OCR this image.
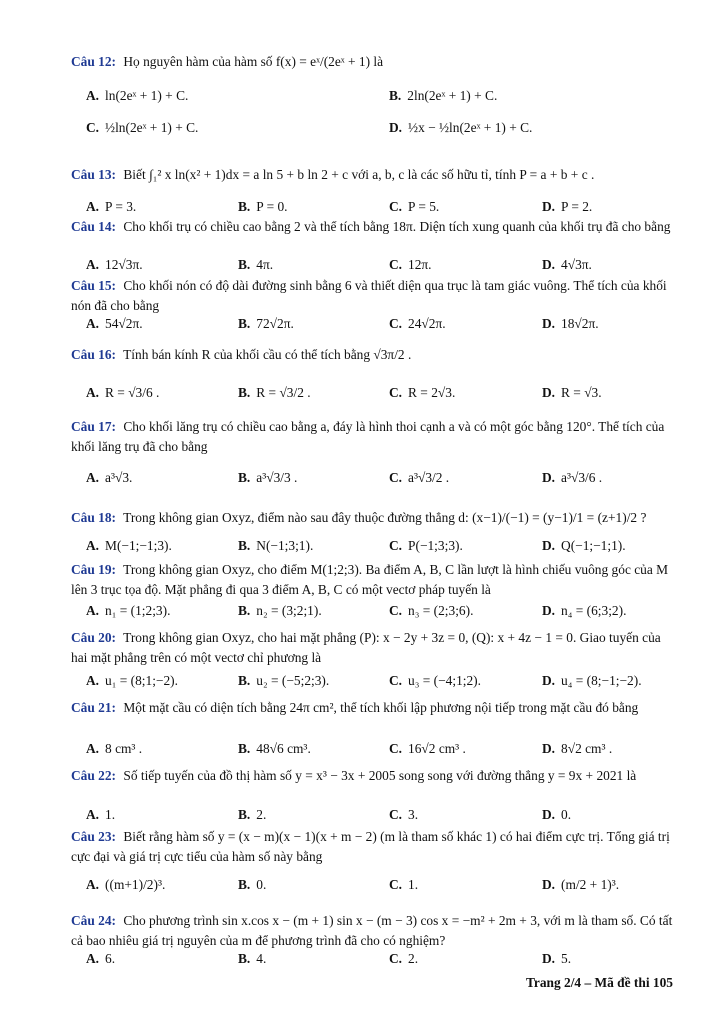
Câu 12: Họ nguyên hàm của hàm số f(x) = eˣ/(2eˣ + 1) là
A. ln(2eˣ + 1) + C.	B. 2ln(2eˣ + 1) + C.
C. ½ln(2eˣ + 1) + C.	D. ½x − ½ln(2eˣ + 1) + C.
Câu 13: Biết ∫₁² x ln(x² + 1)dx = a ln 5 + b ln 2 + c với a, b, c là các số hữu tỉ, tính P = a + b + c .
A. P = 3.	B. P = 0.	C. P = 5.	D. P = 2.
Câu 14: Cho khối trụ có chiều cao bằng 2 và thể tích bằng 18π. Diện tích xung quanh của khối trụ đã cho bằng
A. 12√3π.	B. 4π.	C. 12π.	D. 4√3π.
Câu 15: Cho khối nón có độ dài đường sinh bằng 6 và thiết diện qua trục là tam giác vuông. Thể tích của khối nón đã cho bằng
A. 54√2π.	B. 72√2π.	C. 24√2π.	D. 18√2π.
Câu 16: Tính bán kính R của khối cầu có thể tích bằng √3π/2 .
A. R = √3/6 .	B. R = √3/2 .	C. R = 2√3.	D. R = √3.
Câu 17: Cho khối lăng trụ có chiều cao bằng a, đáy là hình thoi cạnh a và có một góc bằng 120°. Thể tích của khối lăng trụ đã cho bằng
A. a³√3.	B. a³√3/3 .	C. a³√3/2 .	D. a³√3/6 .
Câu 18: Trong không gian Oxyz, điểm nào sau đây thuộc đường thẳng d: (x−1)/(−1) = (y−1)/1 = (z+1)/2 ?
A. M(−1;−1;3).	B. N(−1;3;1).	C. P(−1;3;3).	D. Q(−1;−1;1).
Câu 19: Trong không gian Oxyz, cho điểm M(1;2;3). Ba điểm A, B, C lần lượt là hình chiếu vuông góc của M lên 3 trục tọa độ. Mặt phẳng đi qua 3 điểm A, B, C có một vectơ pháp tuyến là
A. n₁ = (1;2;3).	B. n₂ = (3;2;1).	C. n₃ = (2;3;6).	D. n₄ = (6;3;2).
Câu 20: Trong không gian Oxyz, cho hai mặt phẳng (P): x − 2y + 3z = 0, (Q): x + 4z − 1 = 0. Giao tuyến của hai mặt phẳng trên có một vectơ chỉ phương là
A. u₁ = (8;1;−2).	B. u₂ = (−5;2;3).	C. u₃ = (−4;1;2).	D. u₄ = (8;−1;−2).
Câu 21: Một mặt cầu có diện tích bằng 24π cm², thể tích khối lập phương nội tiếp trong mặt cầu đó bằng
A. 8 cm³ .	B. 48√6 cm³.	C. 16√2 cm³ .	D. 8√2 cm³ .
Câu 22: Số tiếp tuyến của đồ thị hàm số y = x³ − 3x + 2005 song song với đường thẳng y = 9x + 2021 là
A. 1.	B. 2.	C. 3.	D. 0.
Câu 23: Biết rằng hàm số y = (x − m)(x − 1)(x + m − 2) (m là tham số khác 1) có hai điểm cực trị. Tổng giá trị cực đại và giá trị cực tiểu của hàm số này bằng
A. ((m+1)/2)³.	B. 0.	C. 1.	D. (m/2 + 1)³.
Câu 24: Cho phương trình sin x.cos x − (m + 1) sin x − (m − 3) cos x = −m² + 2m + 3, với m là tham số. Có tất cả bao nhiêu giá trị nguyên của m để phương trình đã cho có nghiệm?
A. 6.	B. 4.	C. 2.	D. 5.
Trang 2/4 – Mã đề thi 105
